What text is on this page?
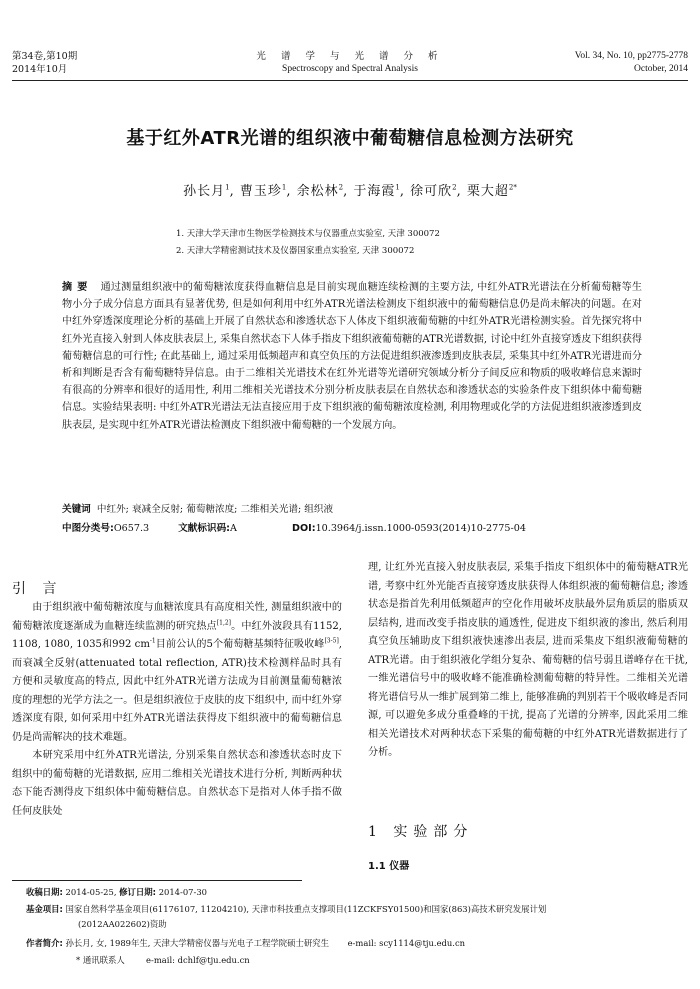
第34卷,第10期
2014年10月
光 谱 学 与 光 谱 分 析
Spectroscopy and Spectral Analysis
Vol. 34, No. 10, pp2775-2778
October, 2014
基于红外ATR光谱的组织液中葡萄糖信息检测方法研究
孙长月$^1$, 曹玉珍$^1$, 余松林$^2$, 于海霞$^1$, 徐可欣$^2$, 栗大超$^{2*}$
1. 天津大学天津市生物医学检测技术与仪器重点实验室, 天津 300072
2. 天津大学精密测试技术及仪器国家重点实验室, 天津 300072
摘要 通过测量组织液中的葡萄糖浓度获得血糖信息是目前实现血糖连续检测的主要方法, 中红外ATR光谱法在分析葡萄糖等生物小分子成分信息方面具有显著优势, 但是如何利用中红外ATR光谱法检测皮下组织液中的葡萄糖信息仍是尚未解决的问题。在对中红外穿透深度理论分析的基础上开展了自然状态和渗透状态下人体皮下组织液葡萄糖的中红外ATR光谱检测实验。首先探究将中红外光直接入射到人体皮肤表层上, 采集自然状态下人体手指皮下组织液葡萄糖的ATR光谱数据, 讨论中红外直接穿透皮下组织获得葡萄糖信息的可行性; 在此基础上, 通过采用低频超声和真空负压的方法促进组织液渗透到皮肤表层, 采集其中红外ATR光谱进而分析和判断是否含有葡萄糖特异信息。由于二维相关光谱技术在红外光谱等光谱研究领域分析分子间反应和物质的吸收峰信息来源时有很高的分辨率和很好的适用性, 利用二维相关光谱技术分别分析皮肤表层在自然状态和渗透状态的实验条件皮下组织体中葡萄糖信息。实验结果表明: 中红外ATR光谱法无法直接应用于皮下组织液的葡萄糖浓度检测, 利用物理或化学的方法促进组织液渗透到皮肤表层, 是实现中红外ATR光谱法检测皮下组织液中葡萄糖的一个发展方向。
关键词 中红外; 衰减全反射; 葡萄糖浓度; 二维相关光谱; 组织液
中图分类号:O657.3	文献标识码:A	DOI:10.3964/j.issn.1000-0593(2014)10-2775-04
引 言

由于组织液中葡萄糖浓度与血糖浓度具有高度相关性, 测量组织液中的葡萄糖浓度逐渐成为血糖连续监测的研究热点[1,2]。中红外波段具有1152, 1108, 1080, 1035和992 $cm^{-1}$目前公认的5个葡萄糖基频特征吸收峰[3-5], 而衰减全反射(attenuated total reflection, ATR)技术检测样品时具有方便和灵敏度高的特点, 因此中红外ATR光谱方法成为目前测量葡萄糖浓度的理想的光学方法之一。但是组织液位于皮肤的皮下组织中, 而中红外穿透深度有限, 如何采用中红外ATR光谱法获得皮下组织液中的葡萄糖信息仍是尚需解决的技术难题。

本研究采用中红外ATR光谱法, 分别采集自然状态和渗透状态时皮下组织中的葡萄糖的光谱数据, 应用二维相关光谱技术进行分析, 判断两种状态下能否测得皮下组织体中葡萄糖信息。自然状态下是指对人体手指不做任何皮肤处

理, 让红外光直接入射皮肤表层, 采集手指皮下组织体中的葡萄糖ATR光谱, 考察中红外光能否直接穿透皮肤获得人体组织液的葡萄糖信息; 渗透状态是指首先利用低频超声的空化作用破坏皮肤最外层角质层的脂质双层结构, 进而改变手指皮肤的通透性, 促进皮下组织液的渗出, 然后利用真空负压辅助皮下组织液快速渗出表层, 进而采集皮下组织液葡萄糖的ATR光谱。由于组织液化学组分复杂、葡萄糖的信号弱且谱峰存在干扰, 一维光谱信号中的吸收峰不能准确检测葡萄糖的特异性。二维相关光谱将光谱信号从一维扩展到第二维上, 能够准确的判别若干个吸收峰是否同源, 可以避免多成分重叠峰的干扰, 提高了光谱的分辨率, 因此采用二维相关光谱技术对两种状态下采集的葡萄糖的中红外ATR光谱数据进行了分析。

1 实验部分
1.1 仪器
收稿日期: 2014-05-25, 修订日期: 2014-07-30
基金项目: 国家自然科学基金项目(61176107, 11204210), 天津市科技重点支撑项目(11ZCKFSY01500)和国家(863)高技术研究发展计划
(2012AA022602)资助
作者简介: 孙长月, 女, 1989年生, 天津大学精密仪器与光电子工程学院硕士研究生 e-mail: scy1114@tju.edu.cn
* 通讯联系人	e-mail: dchlf@tju.edu.cn
